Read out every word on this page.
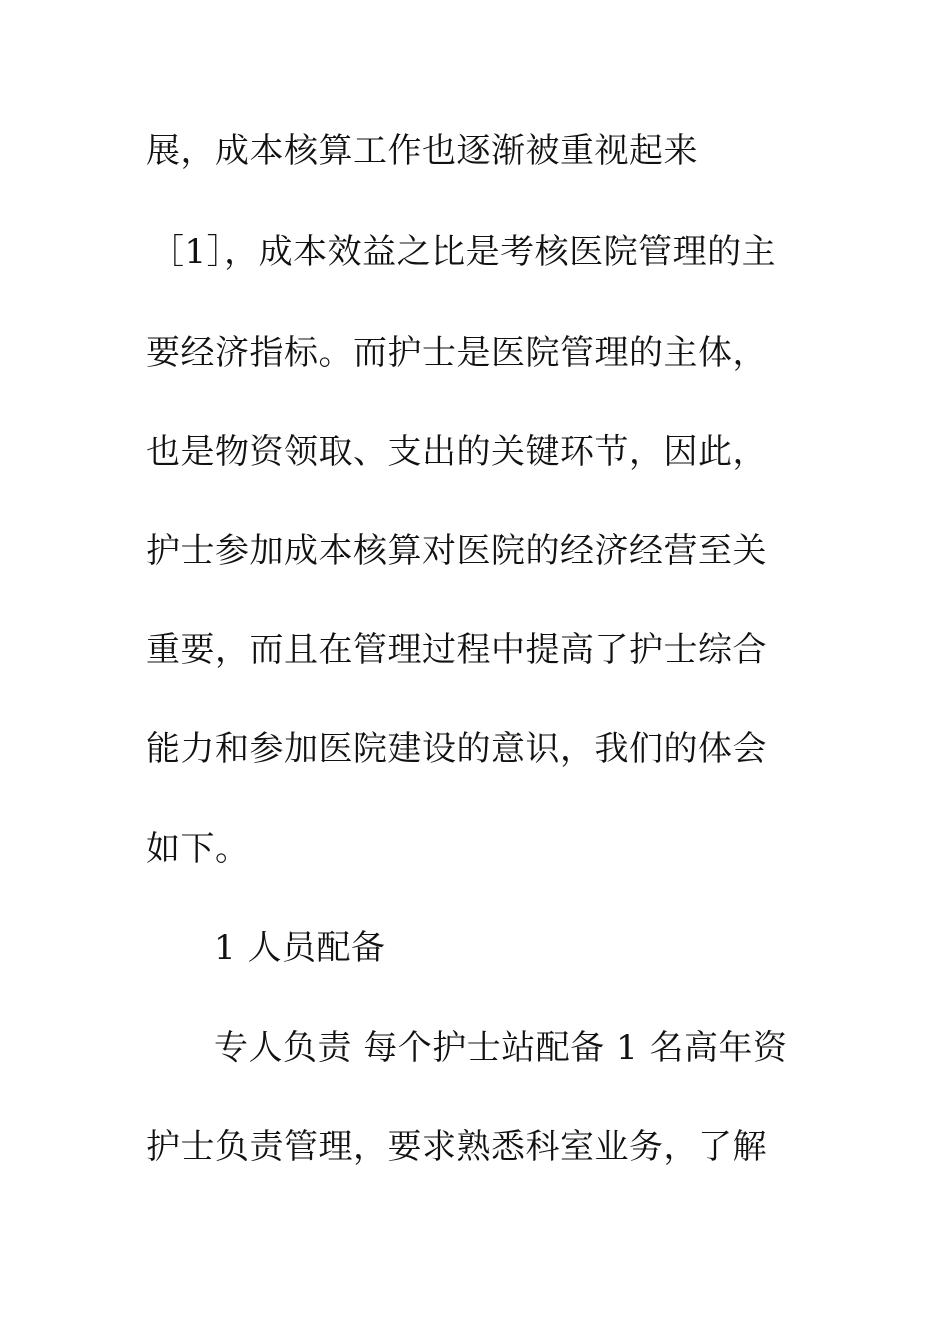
展，成本核算工作也逐渐被重视起来
［1］，成本效益之比是考核医院管理的主
要经济指标。而护士是医院管理的主体，
也是物资领取、支出的关键环节，因此，
护士参加成本核算对医院的经济经营至关
重要，而且在管理过程中提高了护士综合
能力和参加医院建设的意识，我们的体会
如下。
1 人员配备
专人负责 每个护士站配备 1 名高年资
护士负责管理，要求熟悉科室业务，了解
